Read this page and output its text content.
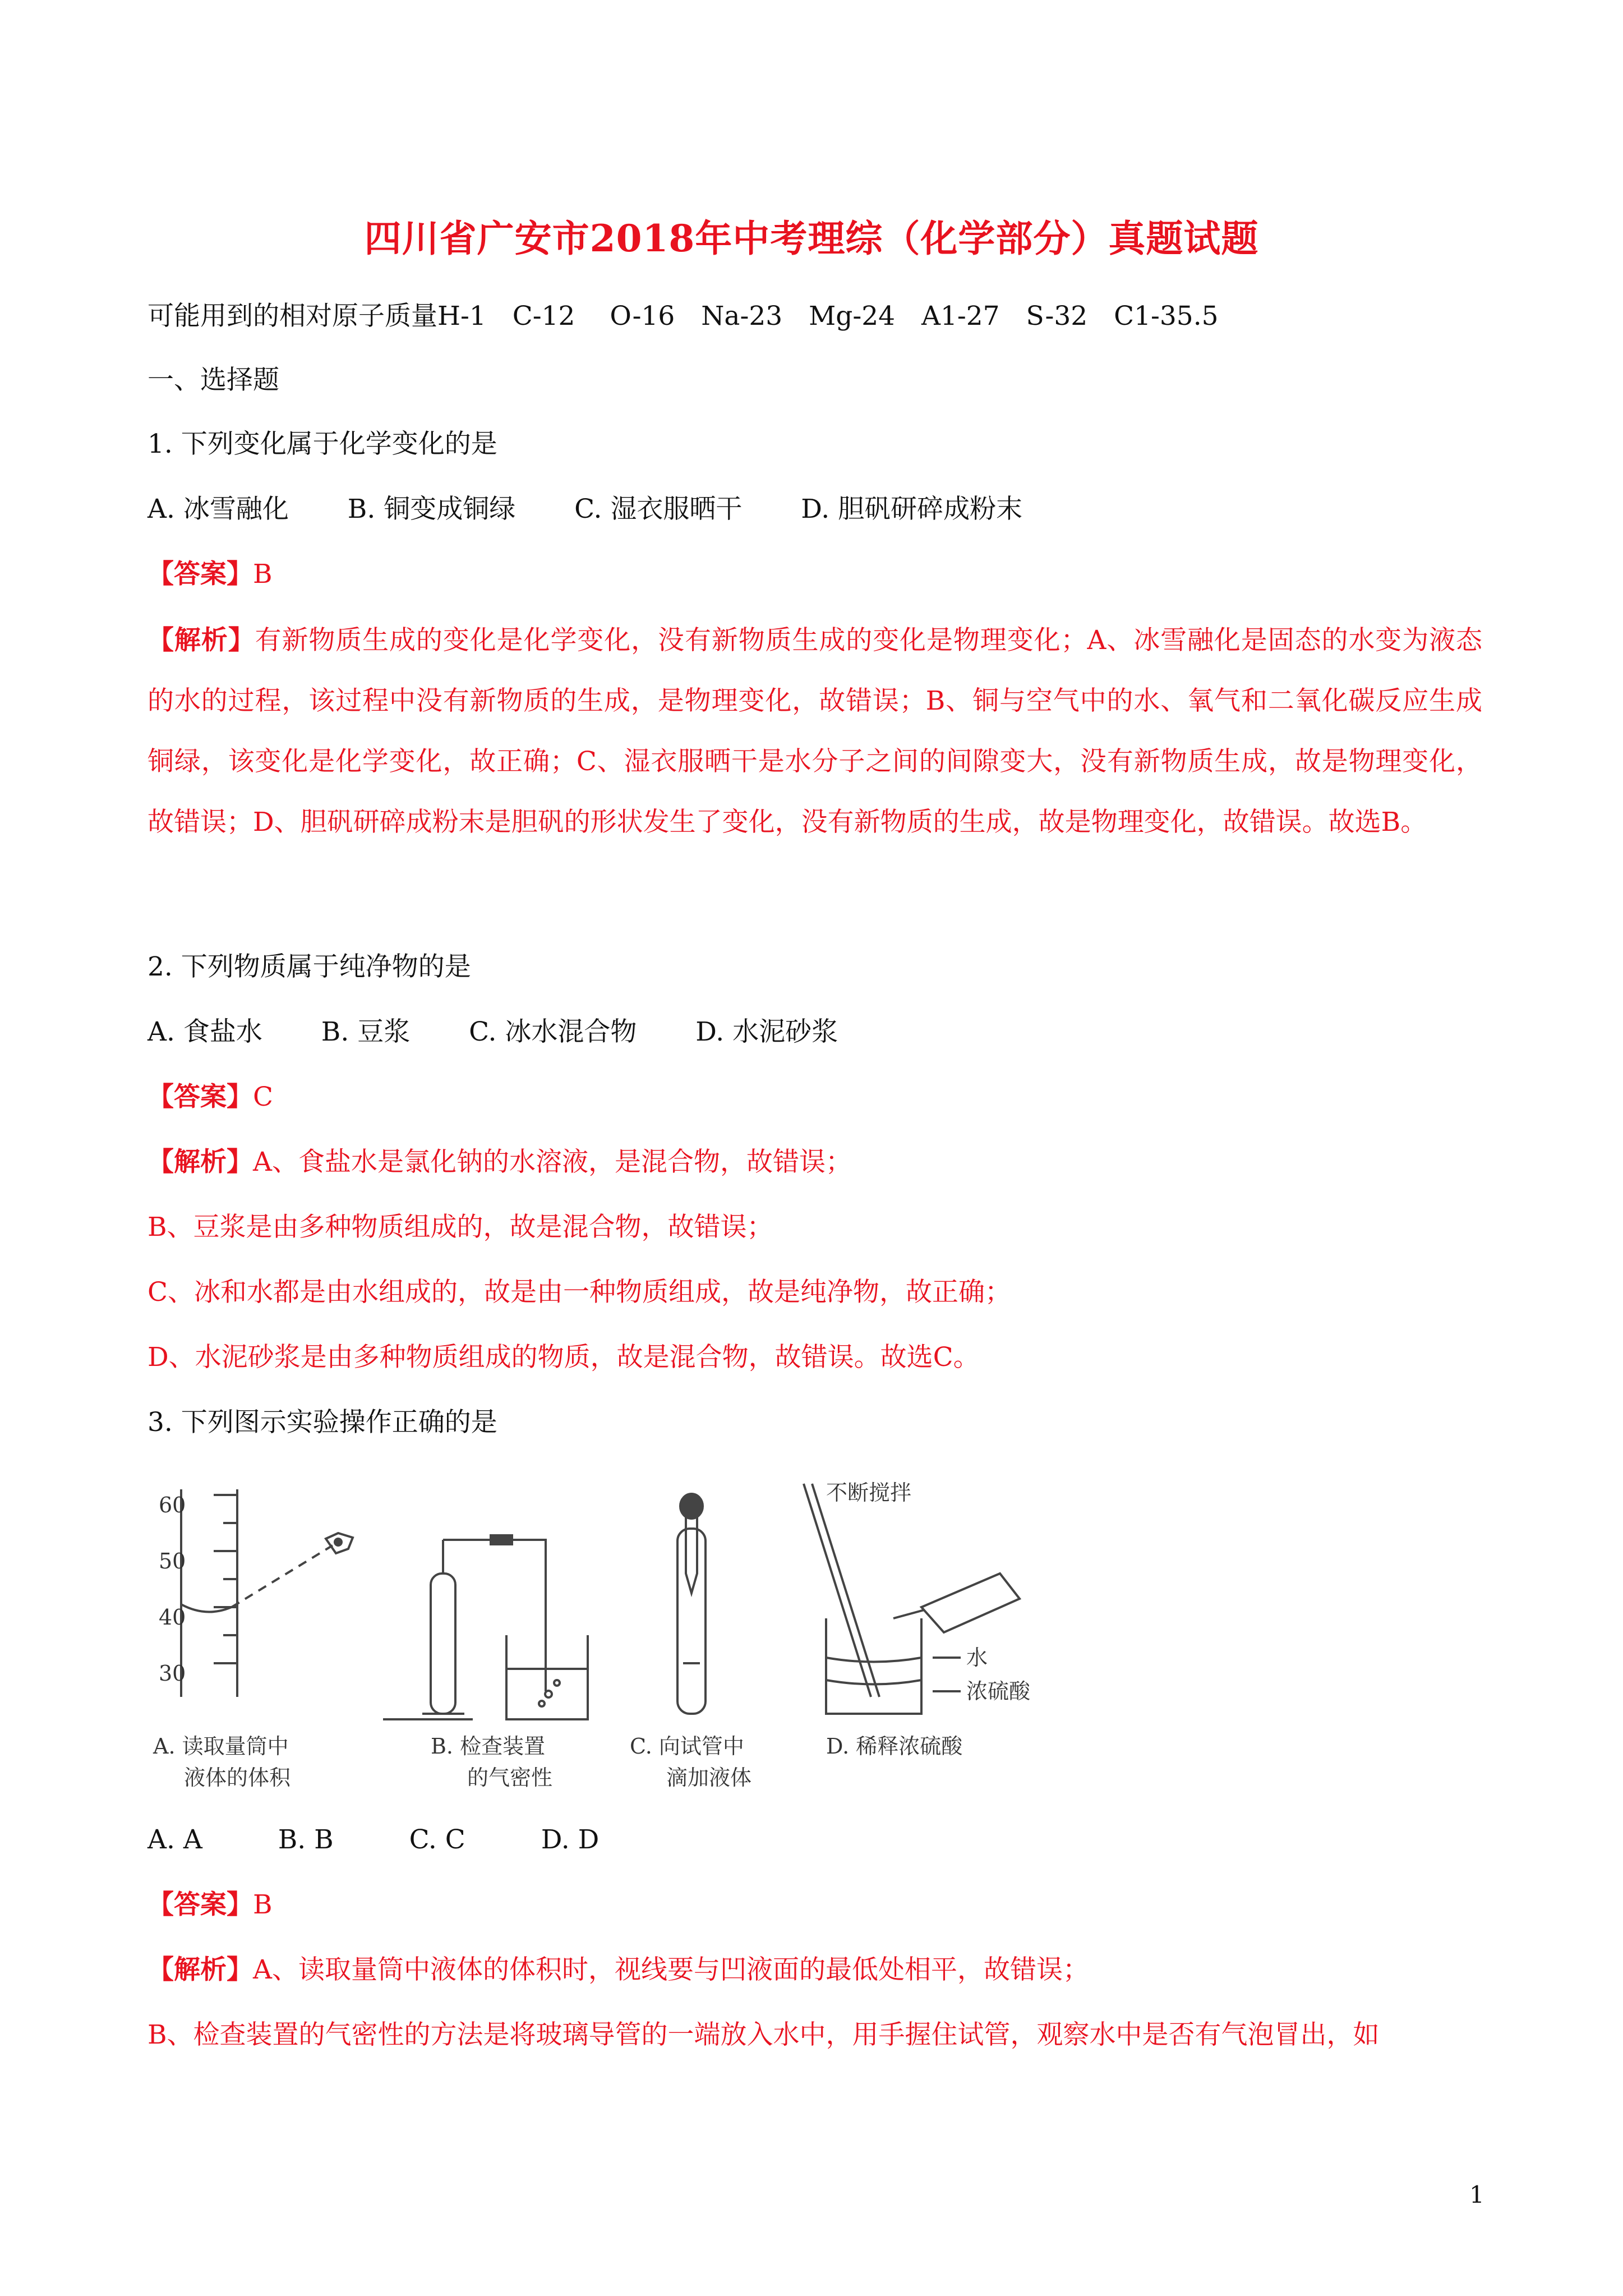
四川省广安市2018年中考理综（化学部分）真题试题
可能用到的相对原子质量H-1　C-12　 O-16　Na-23　Mg-24　A1-27　S-32　C1-35.5
一、选择题
1. 下列变化属于化学变化的是
A. 冰雪融化 B. 铜变成铜绿 C. 湿衣服晒干 D. 胆矾研碎成粉末
【答案】B
【解析】有新物质生成的变化是化学变化，没有新物质生成的变化是物理变化；A、冰雪融化是固态的水变为液态的水的过程，该过程中没有新物质的生成，是物理变化，故错误；B、铜与空气中的水、氧气和二氧化碳反应生成铜绿，该变化是化学变化，故正确；C、湿衣服晒干是水分子之间的间隙变大，没有新物质生成，故是物理变化，故错误；D、胆矾研碎成粉末是胆矾的形状发生了变化，没有新物质的生成，故是物理变化，故错误。故选B。
2. 下列物质属于纯净物的是
A. 食盐水 B. 豆浆 C. 冰水混合物 D. 水泥砂浆
【答案】C
【解析】A、食盐水是氯化钠的水溶液，是混合物，故错误；
B、豆浆是由多种物质组成的，故是混合物，故错误；
C、冰和水都是由水组成的，故是由一种物质组成，故是纯净物，故正确；
D、水泥砂浆是由多种物质组成的物质，故是混合物，故错误。故选C。
3. 下列图示实验操作正确的是
60
50
40
30
不断搅拌
水
浓硫酸
A. 读取量筒中
液体的体积
B. 检查装置
的气密性
C. 向试管中
滴加液体
D. 稀释浓硫酸
A. A	B. B	C. C	D. D
【答案】B
【解析】A、读取量筒中液体的体积时，视线要与凹液面的最低处相平，故错误；
B、检查装置的气密性的方法是将玻璃导管的一端放入水中，用手握住试管，观察水中是否有气泡冒出，如
1
